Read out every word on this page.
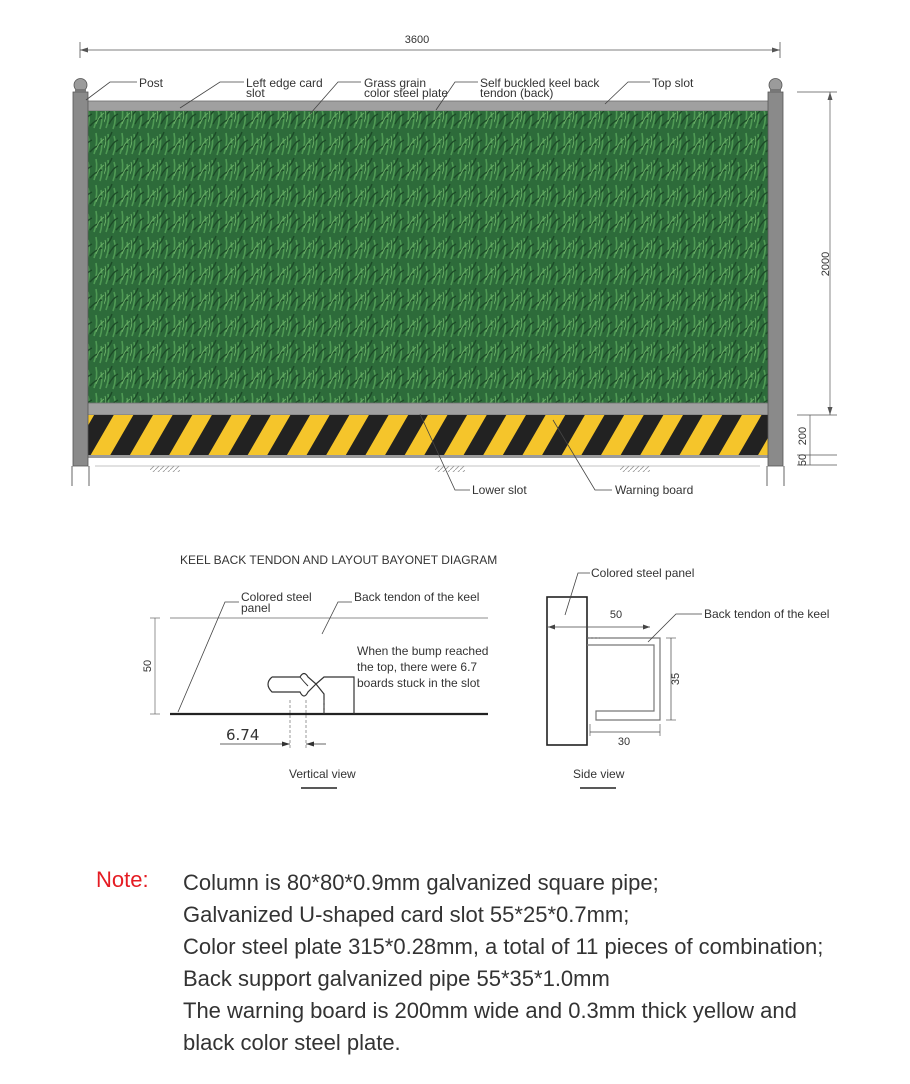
3600
2000
200
50
Post	Left edge card
slot
Grass grain
color steel plate
Self buckled keel back
tendon (back)
Top slot
Lower slot	Warning board
KEEL BACK TENDON AND LAYOUT BAYONET DIAGRAM
50
6.74
Colored steel
panel
Back tendon of the keel
When the bump reached
the top, there were 6.7
boards stuck in the slot
Vertical view
50
35
30
Colored steel panel
Back tendon of the keel
Side view
Note: Column is 80*80*0.9mm galvanized square pipe;
Galvanized U-shaped card slot 55*25*0.7mm;
Color steel plate 315*0.28mm, a total of 11 pieces of combination;
Back support galvanized pipe 55*35*1.0mm
The warning board is 200mm wide and 0.3mm thick yellow and
black color steel plate.
